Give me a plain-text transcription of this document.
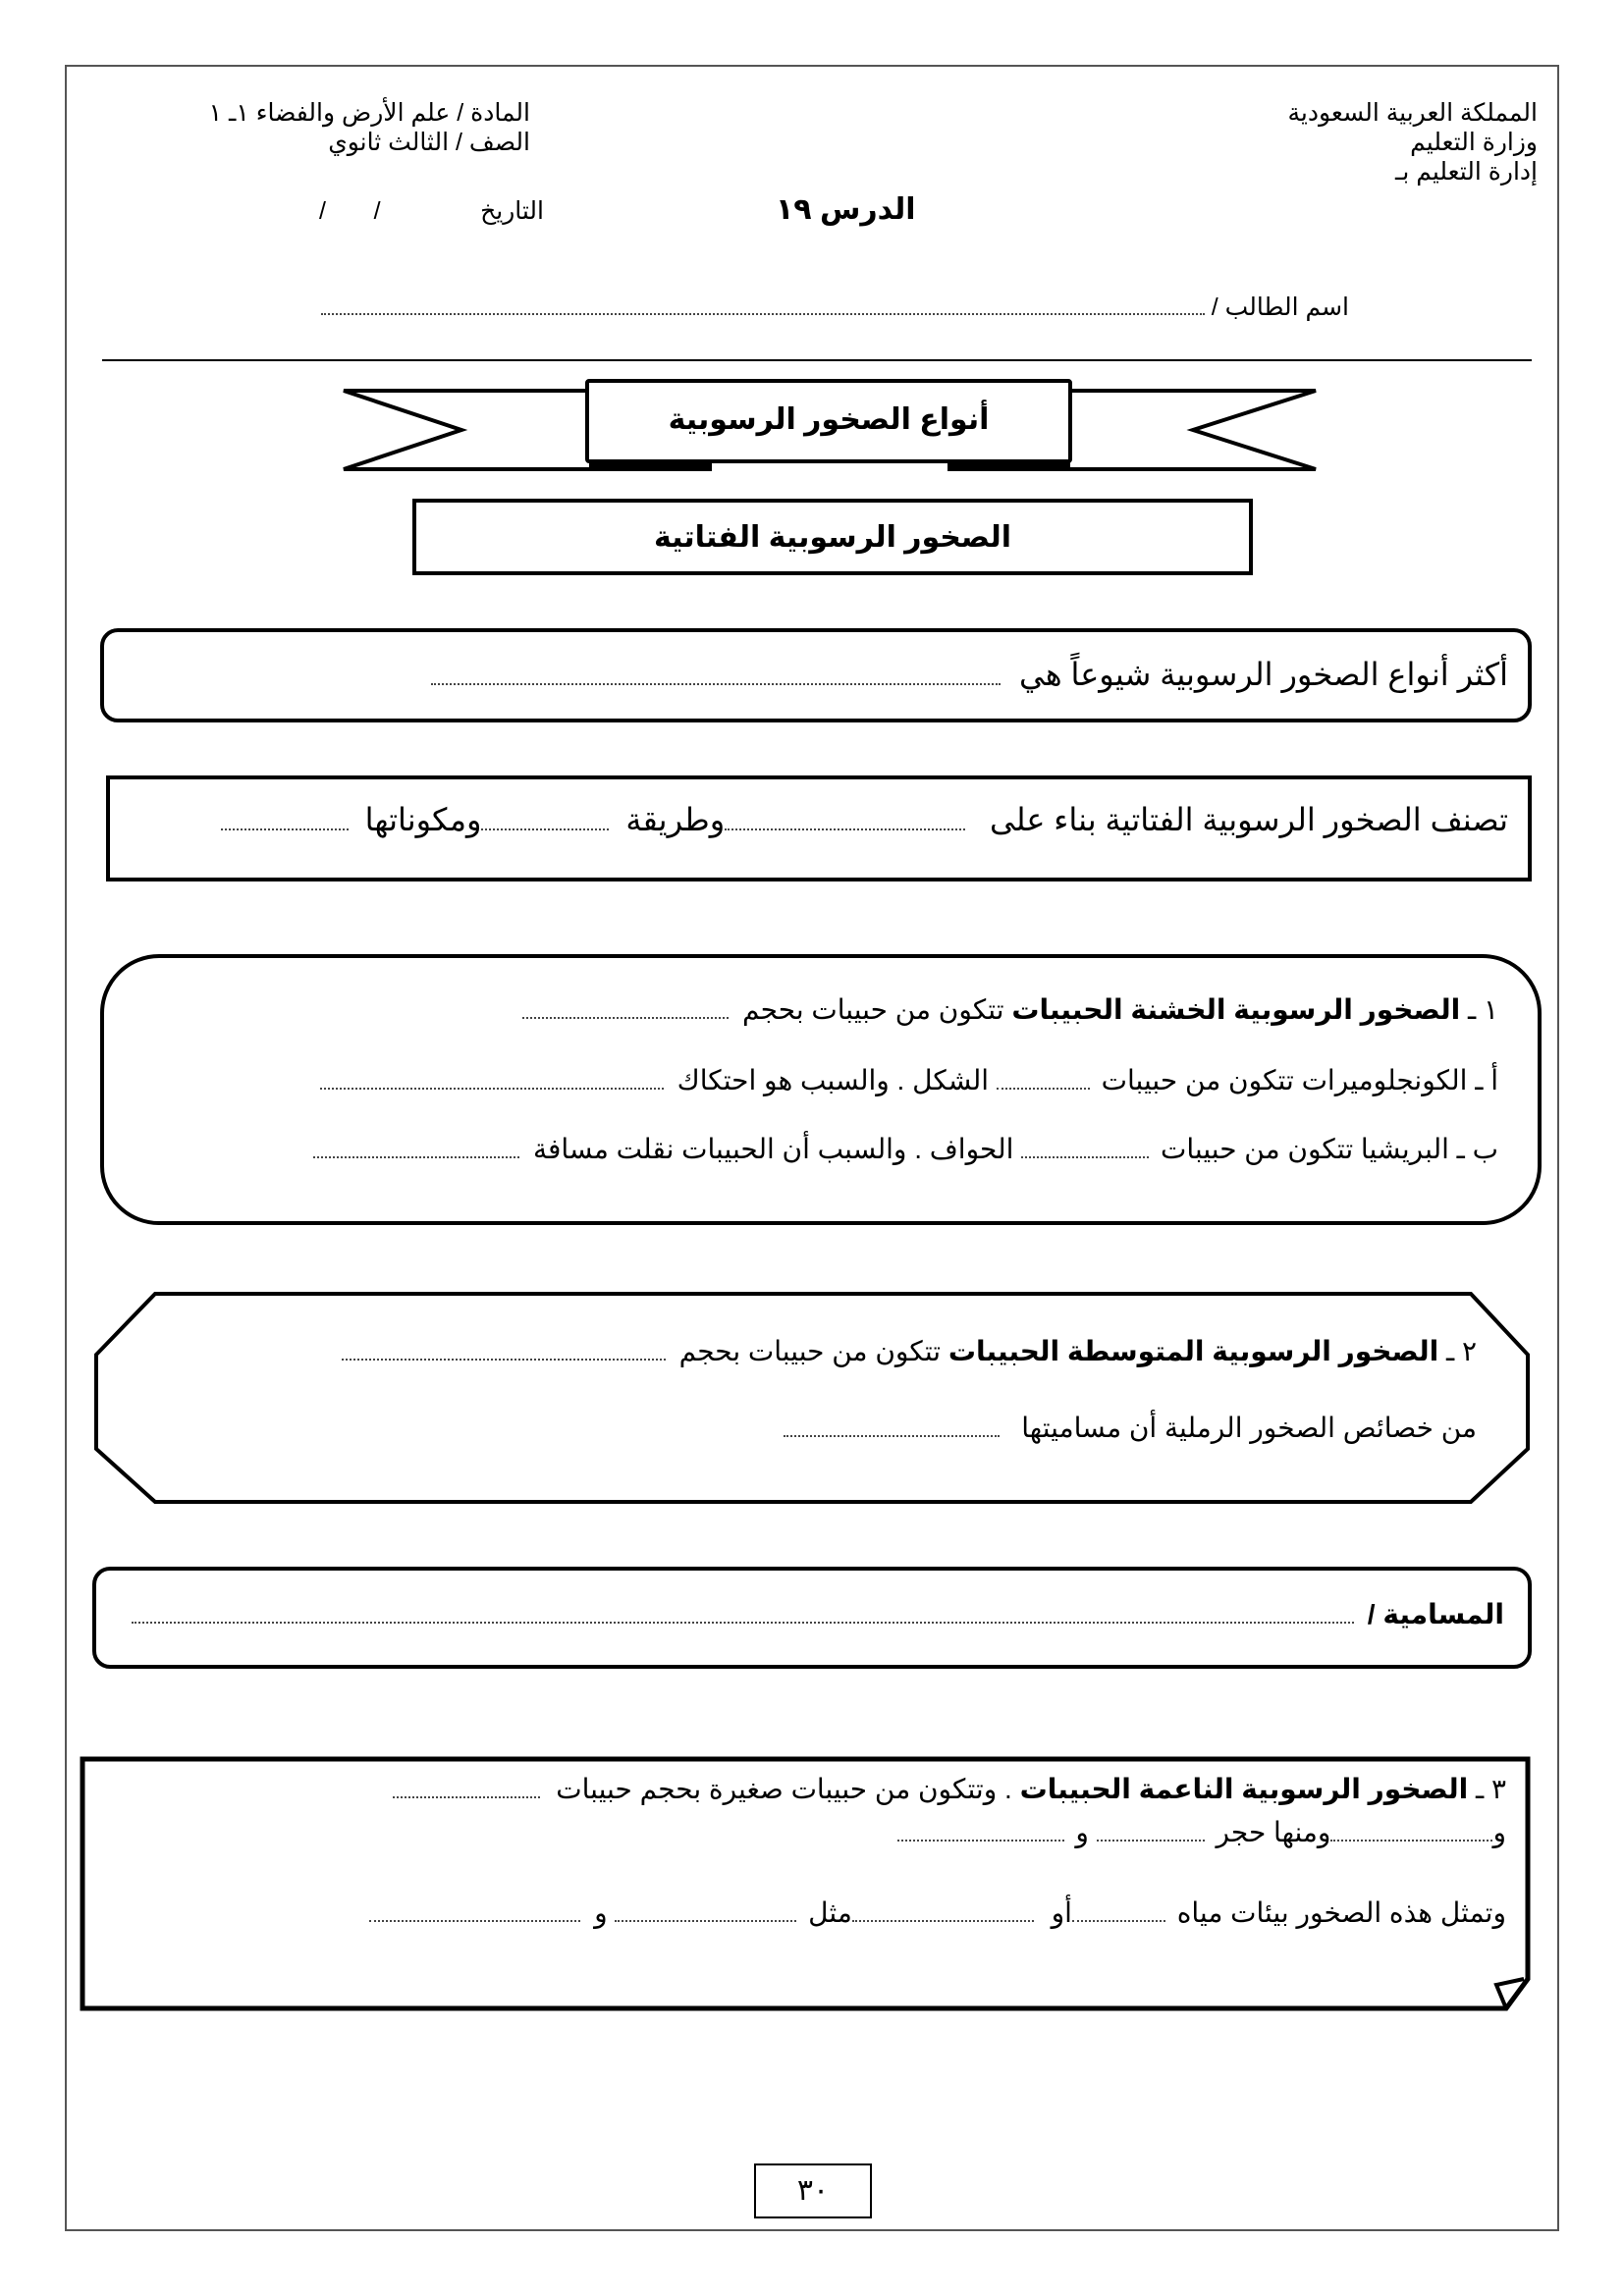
المملكة العربية السعودية
وزارة التعليم
إدارة التعليم بـ
المادة / علم الأرض والفضاء ١ـ ١
الصف / الثالث ثانوي
التاريخ
/       /	الدرس ١٩
اسم الطالب /
أنواع الصخور الرسوبية
الصخور الرسوبية الفتاتية
أكثر أنواع الصخور الرسوبية شيوعاً هي
تصنف الصخور الرسوبية الفتاتية بناء على وطريقة ومكوناتها
١ ـ الصخور الرسوبية الخشنة الحبيبات تتكون من حبيبات بحجم
أ ـ الكونجلوميرات تتكون من حبيبات  الشكل . والسبب هو احتكاك
ب ـ البريشيا تتكون من حبيبات  الحواف . والسبب أن الحبيبات نقلت مسافة
٢ ـ الصخور الرسوبية المتوسطة الحبيبات تتكون من حبيبات بحجم
من خصائص الصخور الرملية أن مساميتها
المسامية /
٣ ـ الصخور الرسوبية الناعمة الحبيبات . وتتكون من حبيبات صغيرة بحجم حبيبات
وومنها حجر  و
وتمثل هذه الصخور بيئات مياه أو مثل  و
٣٠
